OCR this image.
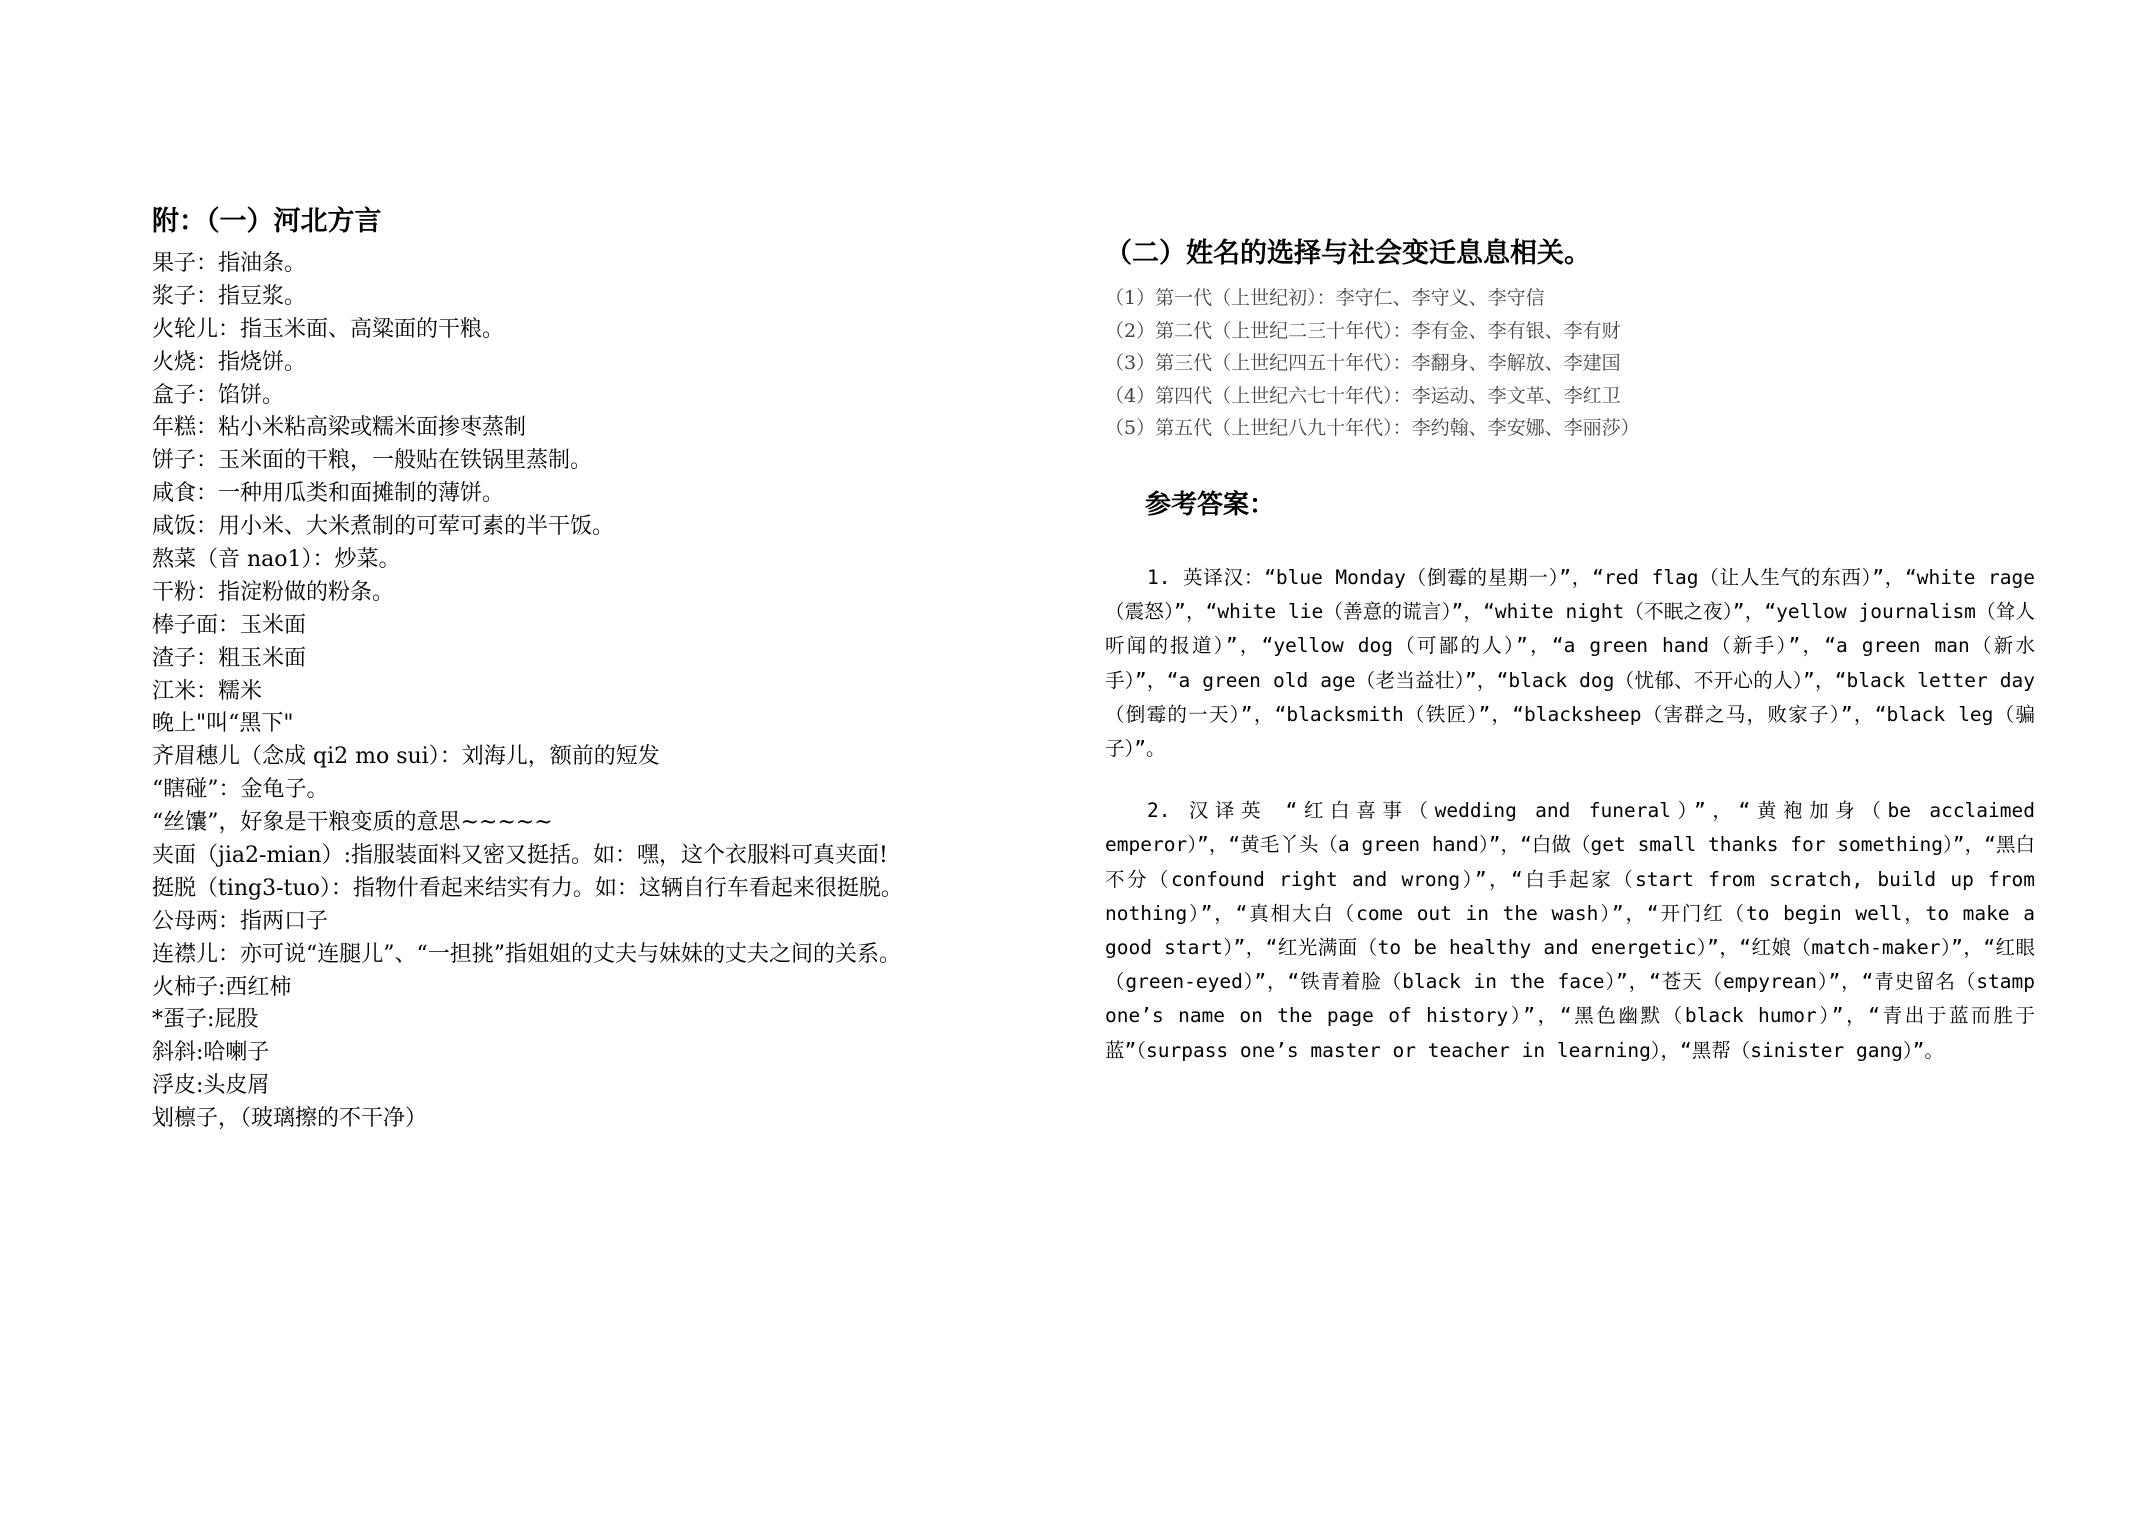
附：（一）河北方言
果子：指油条。
浆子：指豆浆。
火轮儿：指玉米面、高粱面的干粮。
火烧：指烧饼。
盒子：馅饼。
年糕：粘小米粘高梁或糯米面掺枣蒸制
饼子：玉米面的干粮，一般贴在铁锅里蒸制。
咸食：一种用瓜类和面摊制的薄饼。
咸饭：用小米、大米煮制的可荤可素的半干饭。
熬菜（音 nao1）：炒菜。
干粉：指淀粉做的粉条。
棒子面：玉米面
渣子：粗玉米面
江米：糯米
晚上"叫“黑下"
齐眉穗儿（念成 qi2 mo sui）：刘海儿，额前的短发
“瞎碰”：金龟子。
“丝馕”，好象是干粮变质的意思~~~~~
夹面（jia2-mian）:指服装面料又密又挺括。如：嘿，这个衣服料可真夹面!
挺脱（ting3-tuo）：指物什看起来结实有力。如：这辆自行车看起来很挺脱。
公母两：指两口子
连襟儿：亦可说“连腿儿”、“一担挑”指姐姐的丈夫与妹妹的丈夫之间的关系。
火柿子:西红柿
*蛋子:屁股
斜斜:哈喇子
浮皮:头皮屑
划檩子，（玻璃擦的不干净）
（二）姓名的选择与社会变迁息息相关。
（1）第一代（上世纪初）：李守仁、李守义、李守信
（2）第二代（上世纪二三十年代）：李有金、李有银、李有财
（3）第三代（上世纪四五十年代）：李翻身、李解放、李建国
（4）第四代（上世纪六七十年代）：李运动、李文革、李红卫
（5）第五代（上世纪八九十年代）：李约翰、李安娜、李丽莎）
参考答案：

1. 英译汉：“blue Monday（倒霉的星期一）”，“red flag（让人生气的东西）”，“white rage（震怒）”，“white lie（善意的谎言）”，“white night（不眠之夜）”，“yellow journalism（耸人听闻的报道）”，“yellow dog（可鄙的人）”，“a green hand（新手）”，“a green man（新水手）”，“a green old age（老当益壮）”，“black dog（忧郁、不开心的人）”，“black letter day（倒霉的一天）”，“blacksmith（铁匠）”，“blacksheep（害群之马，败家子）”，“black leg（骗子）”。

2. 汉译英 “红白喜事（wedding and funeral）”，“黄袍加身（be acclaimed emperor）”，“黄毛丫头（a green hand）”，“白做（get small thanks for something）”，“黑白不分（confound right and wrong）”，“白手起家（start from scratch, build up from nothing）”，“真相大白（come out in the wash）”，“开门红（to begin well，to make a good start）”，“红光满面（to be healthy and energetic）”，“红娘（match-maker）”，“红眼（green-eyed）”，“铁青着脸（black in the face）”，“苍天（empyrean）”，“青史留名（stamp one’s name on the page of history）”，“黑色幽默（black humor）”，“青出于蓝而胜于蓝”（surpass one’s master or teacher in learning），“黑帮（sinister gang）”。
